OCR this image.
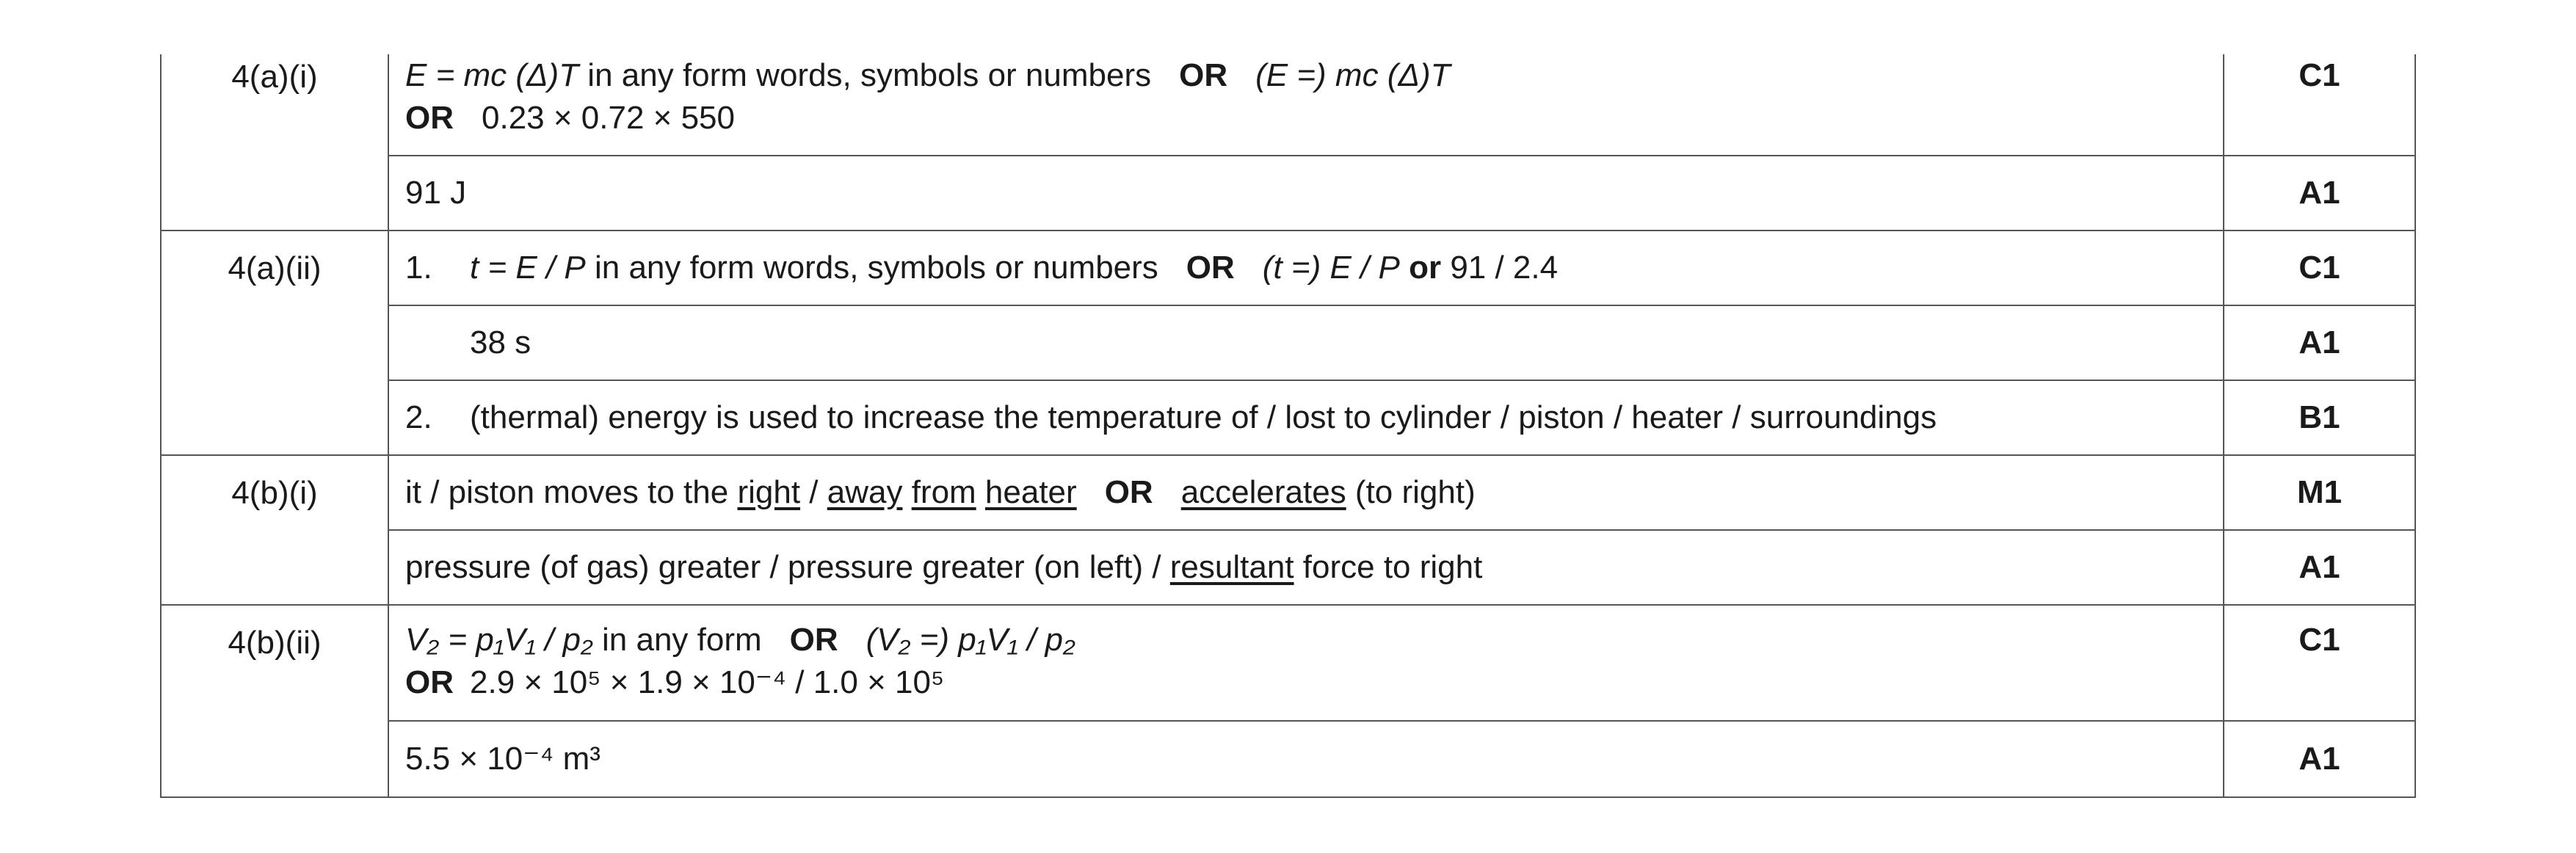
4(a)(i)	E = mc (Δ)T in any form words, symbols or numbers OR (E =) mc (Δ)T
OR 0.23 × 0.72 × 550	C1
	91 J	A1
4(a)(ii)	1. t = E / P in any form words, symbols or numbers OR (t =) E / P or 91 / 2.4	C1
	38 s	A1
	2. (thermal) energy is used to increase the temperature of / lost to cylinder / piston / heater / surroundings	B1
4(b)(i)	it / piston moves to the right / away from heater OR accelerates (to right)	M1
	pressure (of gas) greater / pressure greater (on left) / resultant force to right	A1
4(b)(ii)	V₂ = p₁V₁ / p₂ in any form OR (V₂ =) p₁V₁ / p₂
OR 2.9 × 10⁵ × 1.9 × 10⁻⁴ / 1.0 × 10⁵	C1
	5.5 × 10⁻⁴ m³	A1
